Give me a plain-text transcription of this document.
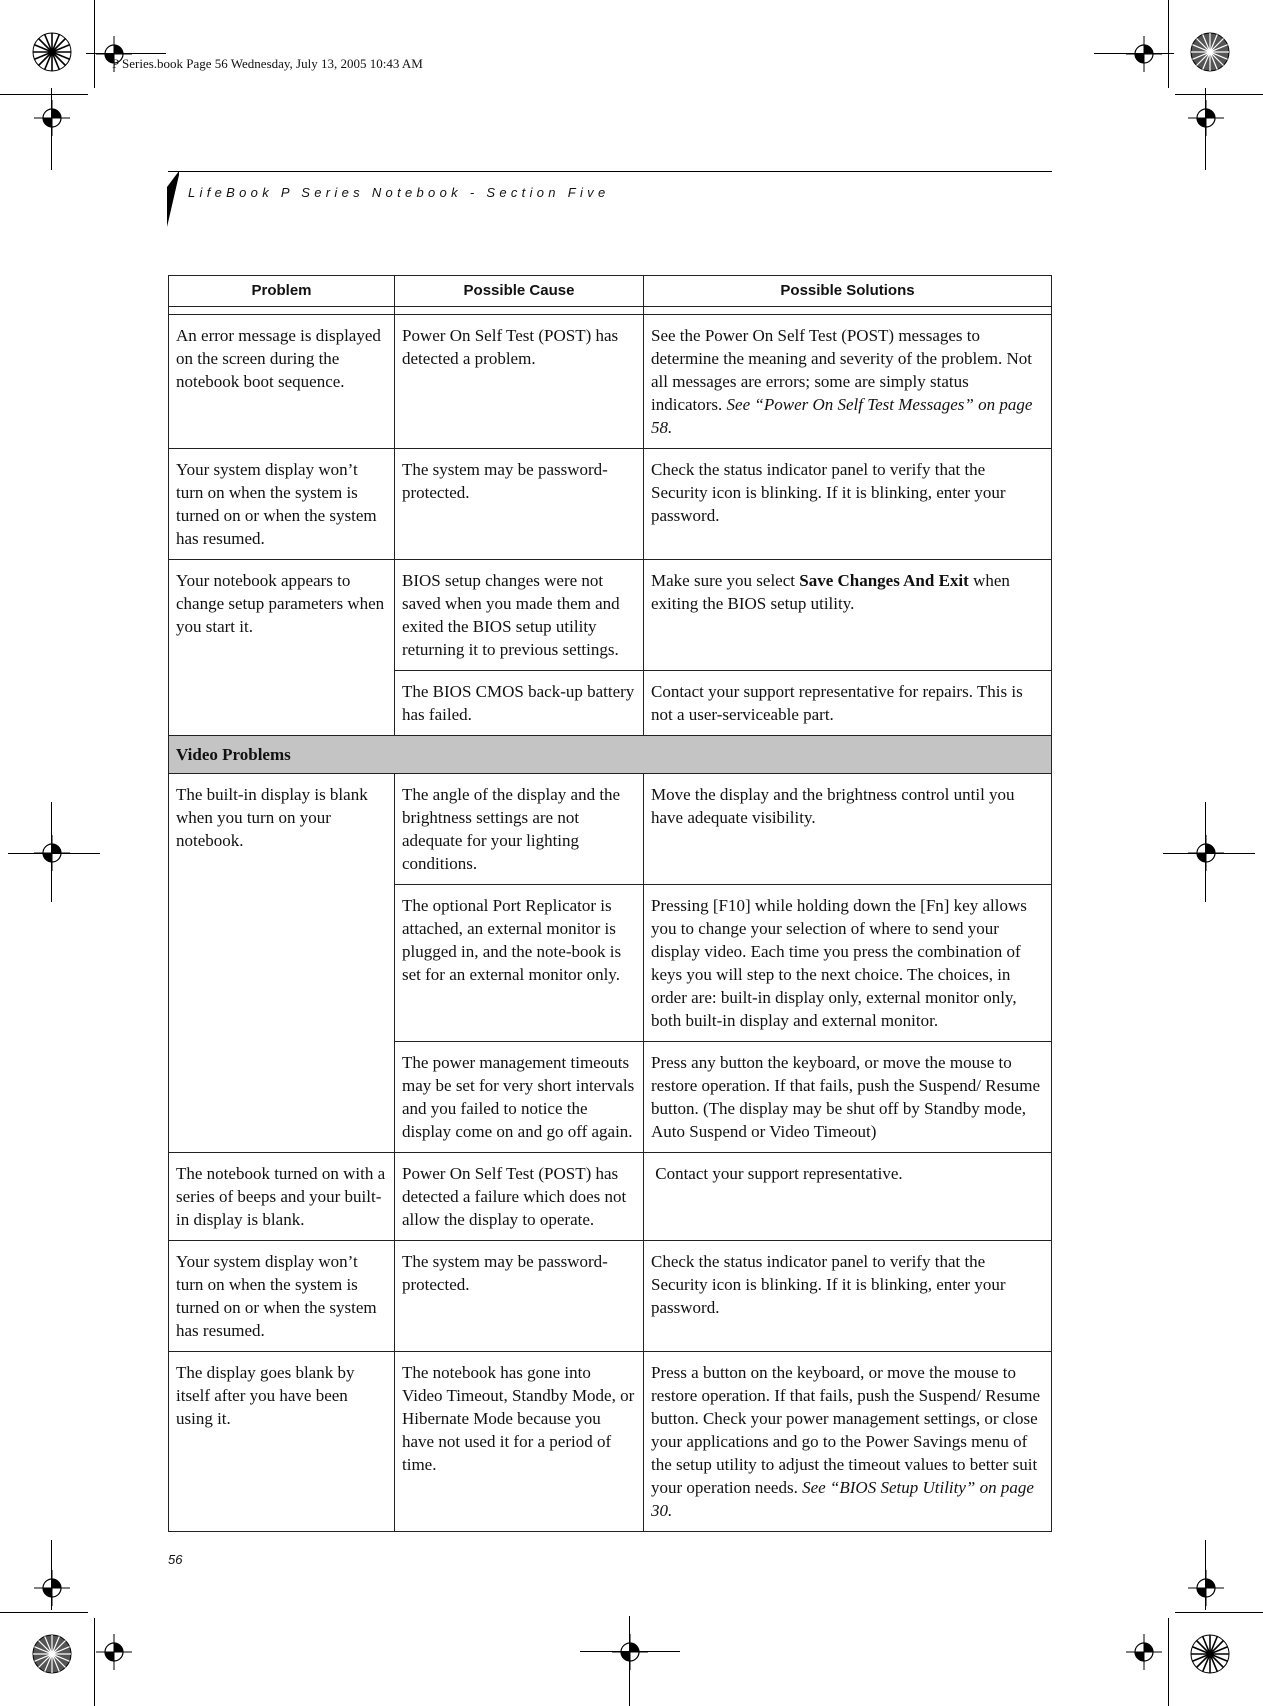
P Series.book Page 56 Wednesday, July 13, 2005 10:43 AM
LifeBook P Series Notebook - Section Five
Problem	Possible Cause	Possible Solutions

An error message is displayed on the screen during the notebook boot sequence.	Power On Self Test (POST) has detected a problem.	See the Power On Self Test (POST) messages to determine the meaning and severity of the problem. Not all messages are errors; some are simply status indicators. See “Power On Self Test Messages” on page 58.
Your system display won’t turn on when the system is turned on or when the system has resumed.	The system may be password-protected.	Check the status indicator panel to verify that the Security icon is blinking. If it is blinking, enter your password.
Your notebook appears to change setup parameters when you start it.	BIOS setup changes were not saved when you made them and exited the BIOS setup utility returning it to previous settings.	Make sure you select Save Changes And Exit when exiting the BIOS setup utility.
	The BIOS CMOS back-up battery has failed.	Contact your support representative for repairs. This is not a user-serviceable part.
Video Problems		
The built-in display is blank when you turn on your notebook.	The angle of the display and the brightness settings are not adequate for your lighting conditions.	Move the display and the brightness control until you have adequate visibility.
	The optional Port Replicator is attached, an external monitor is plugged in, and the note-book is set for an external monitor only.	Pressing [F10] while holding down the [Fn] key allows you to change your selection of where to send your display video. Each time you press the combination of keys you will step to the next choice. The choices, in order are: built-in display only, external monitor only, both built-in display and external monitor.
	The power management timeouts may be set for very short intervals and you failed to notice the display come on and go off again.	Press any button the keyboard, or move the mouse to restore operation. If that fails, push the Suspend/ Resume button. (The display may be shut off by Standby mode, Auto Suspend or Video Timeout)
The notebook turned on with a series of beeps and your built-in display is blank.	Power On Self Test (POST) has detected a failure which does not allow the display to operate.	Contact your support representative.
Your system display won’t turn on when the system is turned on or when the system has resumed.	The system may be password-protected.	Check the status indicator panel to verify that the Security icon is blinking. If it is blinking, enter your password.
The display goes blank by itself after you have been using it.	The notebook has gone into Video Timeout, Standby Mode, or Hibernate Mode because you have not used it for a period of time.	Press a button on the keyboard, or move the mouse to restore operation. If that fails, push the Suspend/ Resume button. Check your power management settings, or close your applications and go to the Power Savings menu of the setup utility to adjust the timeout values to better suit your operation needs. See “BIOS Setup Utility” on page 30.
56
